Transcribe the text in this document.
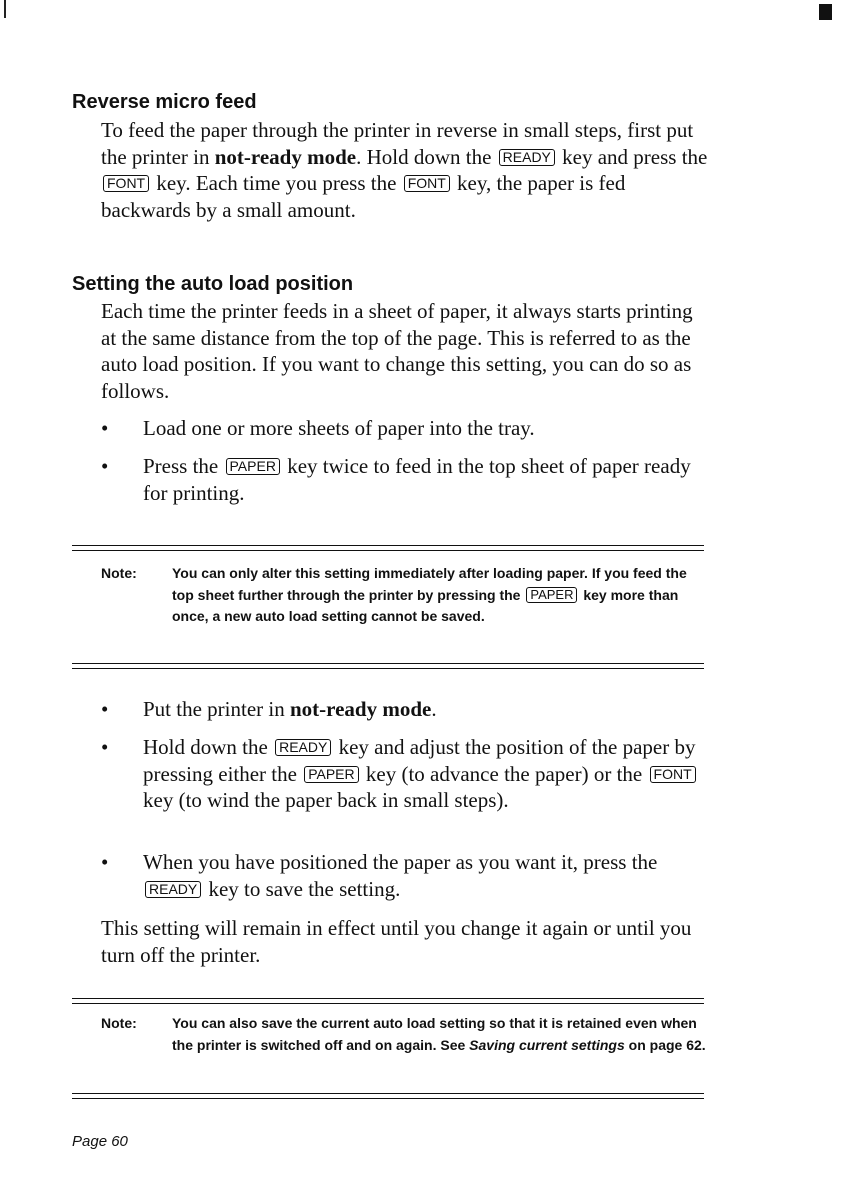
Reverse micro feed

To feed the paper through the printer in reverse in small steps, first put the printer in not-ready mode. Hold down the READY key and press the FONT key. Each time you press the FONT key, the paper is fed backwards by a small amount.

Setting the auto load position

Each time the printer feeds in a sheet of paper, it always starts printing at the same distance from the top of the page. This is referred to as the auto load position. If you want to change this setting, you can do so as follows.

• Load one or more sheets of paper into the tray.
• Press the PAPER key twice to feed in the top sheet of paper ready for printing.
Note:	You can only alter this setting immediately after loading paper. If you feed the top sheet further through the printer by pressing the PAPER key more than once, a new auto load setting cannot be saved.
• Put the printer in not-ready mode.
• Hold down the READY key and adjust the position of the paper by pressing either the PAPER key (to advance the paper) or the FONT key (to wind the paper back in small steps).
• When you have positioned the paper as you want it, press the READY key to save the setting.

This setting will remain in effect until you change it again or until you turn off the printer.

Note:	You can also save the current auto load setting so that it is retained even when the printer is switched off and on again. See Saving current settings on page 62.
Page 60
